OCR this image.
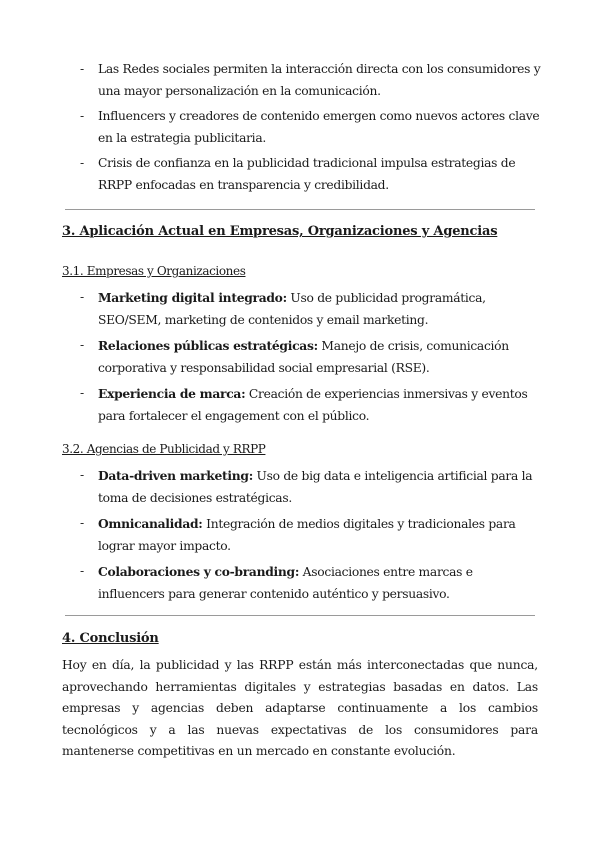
- Las Redes sociales permiten la interacción directa con los consumidores y una mayor personalización en la comunicación.
- Influencers y creadores de contenido emergen como nuevos actores clave en la estrategia publicitaria.
- Crisis de confianza en la publicidad tradicional impulsa estrategias de RRPP enfocadas en transparencia y credibilidad.
3. Aplicación Actual en Empresas, Organizaciones y Agencias
3.1. Empresas y Organizaciones
- Marketing digital integrado: Uso de publicidad programática, SEO/SEM, marketing de contenidos y email marketing.
- Relaciones públicas estratégicas: Manejo de crisis, comunicación corporativa y responsabilidad social empresarial (RSE).
- Experiencia de marca: Creación de experiencias inmersivas y eventos para fortalecer el engagement con el público.
3.2. Agencias de Publicidad y RRPP
- Data-driven marketing: Uso de big data e inteligencia artificial para la toma de decisiones estratégicas.
- Omnicanalidad: Integración de medios digitales y tradicionales para lograr mayor impacto.
- Colaboraciones y co-branding: Asociaciones entre marcas e influencers para generar contenido auténtico y persuasivo.
4. Conclusión

Hoy en día, la publicidad y las RRPP están más interconectadas que nunca, aprovechando herramientas digitales y estrategias basadas en datos. Las empresas y agencias deben adaptarse continuamente a los cambios tecnológicos y a las nuevas expectativas de los consumidores para mantenerse competitivas en un mercado en constante evolución.
